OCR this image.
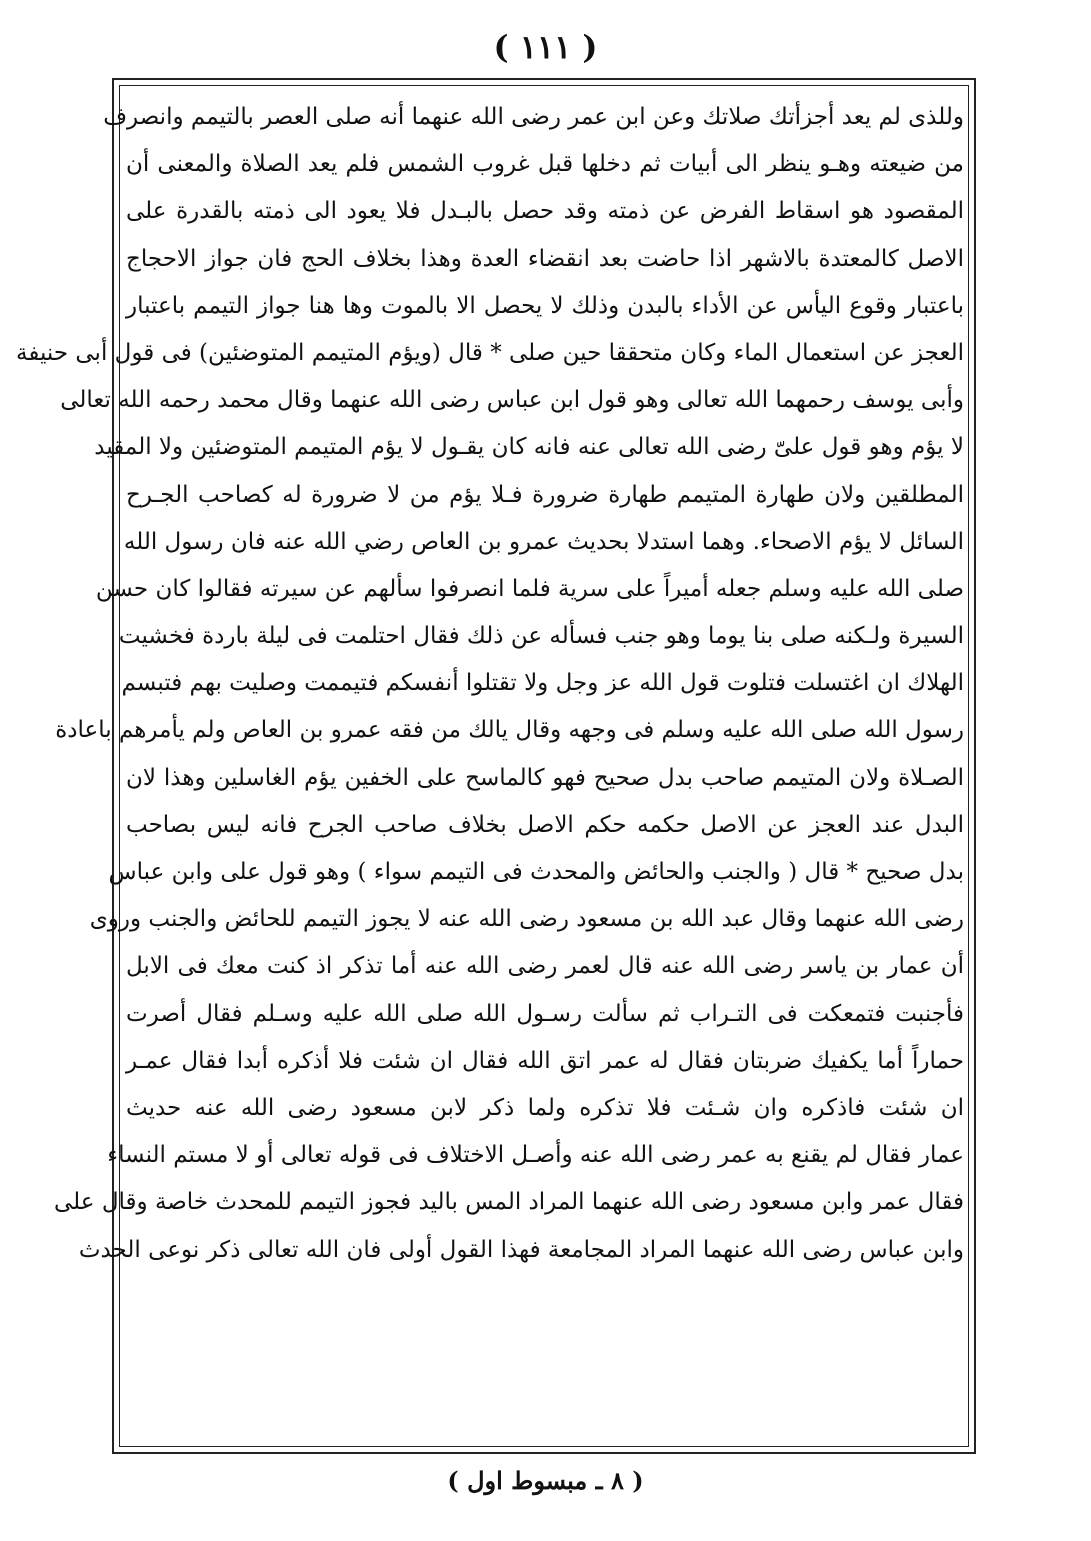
( ١١١ )
وللذى لم يعد أجزأتك صلاتك وعن ابن عمر رضى الله عنهما أنه صلى العصر بالتيمم وانصرف
من ضيعته وهـو ينظر الى أبيات ثم دخلها قبل غروب الشمس فلم يعد الصلاة والمعنى أن
المقصود هو اسقاط الفرض عن ذمته وقد حصل بالبـدل فلا يعود الى ذمته بالقدرة على
الاصل كالمعتدة بالاشهر اذا حاضت بعد انقضاء العدة وهذا بخلاف الحج فان جواز الاحجاج
باعتبار وقوع اليأس عن الأداء بالبدن وذلك لا يحصل الا بالموت وها هنا جواز التيمم باعتبار
العجز عن استعمال الماء وكان متحققا حين صلى * قال (ويؤم المتيمم المتوضئين) فى قول أبى حنيفة
وأبى يوسف رحمهما الله تعالى وهو قول ابن عباس رضى الله عنهما وقال محمد رحمه الله تعالى
لا يؤم وهو قول علىّ رضى الله تعالى عنه فانه كان يقـول لا يؤم المتيمم المتوضئين ولا المقيد
المطلقين ولان طهارة المتيمم طهارة ضرورة فـلا يؤم من لا ضرورة له كصاحب الجـرح
السائل لا يؤم الاصحاء. وهما استدلا بحديث عمرو بن العاص رضي الله عنه فان رسول الله
صلى الله عليه وسلم جعله أميراً على سرية فلما انصرفوا سألهم عن سيرته فقالوا كان حسن
السيرة ولـكنه صلى بنا يوما وهو جنب فسأله عن ذلك فقال احتلمت فى ليلة باردة فخشيت
الهلاك ان اغتسلت فتلوت قول الله عز وجل ولا تقتلوا أنفسكم فتيممت وصليت بهم فتبسم
رسول الله صلى الله عليه وسلم فى وجهه وقال يالك من فقه عمرو بن العاص ولم يأمرهم باعادة
الصـلاة ولان المتيمم صاحب بدل صحيح فهو كالماسح على الخفين يؤم الغاسلين وهذا لان
البدل عند العجز عن الاصل حكمه حكم الاصل بخلاف صاحب الجرح فانه ليس بصاحب
بدل صحيح * قال ( والجنب والحائض والمحدث فى التيمم سواء ) وهو قول على وابن عباس
رضى الله عنهما وقال عبد الله بن مسعود رضى الله عنه لا يجوز التيمم للحائض والجنب وروى
أن عمار بن ياسر رضى الله عنه قال لعمر رضى الله عنه أما تذكر اذ كنت معك فى الابل
فأجنبت فتمعكت فى التـراب ثم سألت رسـول الله صلى الله عليه وسـلم فقال أصرت
حماراً أما يكفيك ضربتان فقال له عمر اتق الله فقال ان شئت فلا أذكره أبدا فقال عمـر
ان شئت فاذكره وان شـئت فلا تذكره ولما ذكر لابن مسعود رضى الله عنه حديث
عمار فقال لم يقنع به عمر رضى الله عنه وأصـل الاختلاف فى قوله تعالى أو لا مستم النساء
فقال عمر وابن مسعود رضى الله عنهما المراد المس باليد فجوز التيمم للمحدث خاصة وقال على
وابن عباس رضى الله عنهما المراد المجامعة فهذا القول أولى فان الله تعالى ذكر نوعى الحدث
( ٨ ـ مبسوط اول )
